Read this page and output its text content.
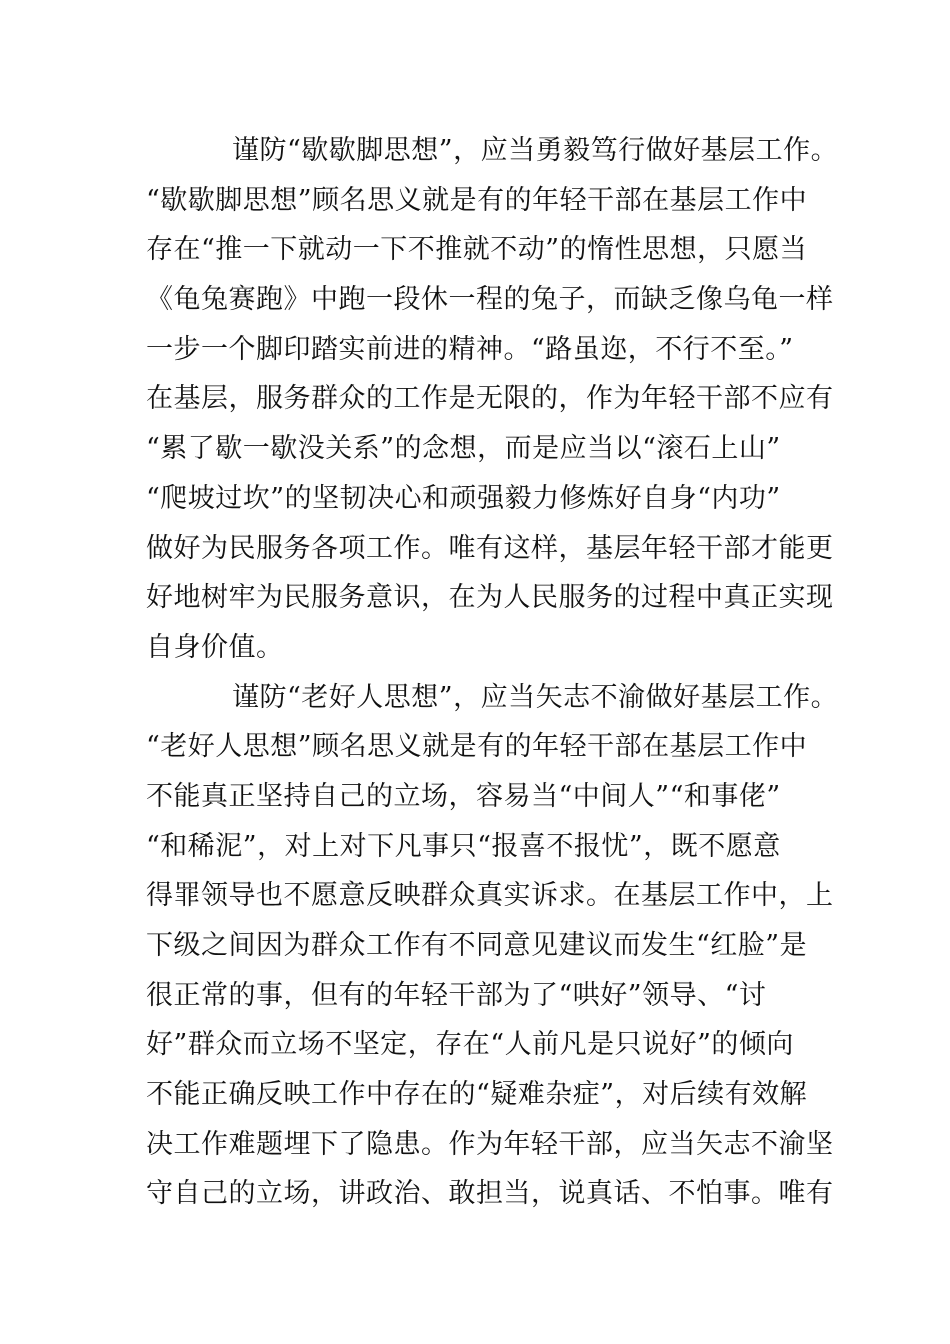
谨防“歇歇脚思想”，应当勇毅笃行做好基层工作。
“歇歇脚思想”顾名思义就是有的年轻干部在基层工作中
存在“推一下就动一下不推就不动”的惰性思想，只愿当
《龟兔赛跑》中跑一段休一程的兔子，而缺乏像乌龟一样
一步一个脚印踏实前进的精神。“路虽迩，不行不至。”
在基层，服务群众的工作是无限的，作为年轻干部不应有
“累了歇一歇没关系”的念想，而是应当以“滚石上山”
“爬坡过坎”的坚韧决心和顽强毅力修炼好自身“内功”
做好为民服务各项工作。唯有这样，基层年轻干部才能更
好地树牢为民服务意识，在为人民服务的过程中真正实现
自身价值。
谨防“老好人思想”，应当矢志不渝做好基层工作。
“老好人思想”顾名思义就是有的年轻干部在基层工作中
不能真正坚持自己的立场，容易当“中间人”“和事佬”
“和稀泥”，对上对下凡事只“报喜不报忧”，既不愿意
得罪领导也不愿意反映群众真实诉求。在基层工作中，上
下级之间因为群众工作有不同意见建议而发生“红脸”是
很正常的事，但有的年轻干部为了“哄好”领导、“讨
好”群众而立场不坚定，存在“人前凡是只说好”的倾向
不能正确反映工作中存在的“疑难杂症”，对后续有效解
决工作难题埋下了隐患。作为年轻干部，应当矢志不渝坚
守自己的立场，讲政治、敢担当，说真话、不怕事。唯有
